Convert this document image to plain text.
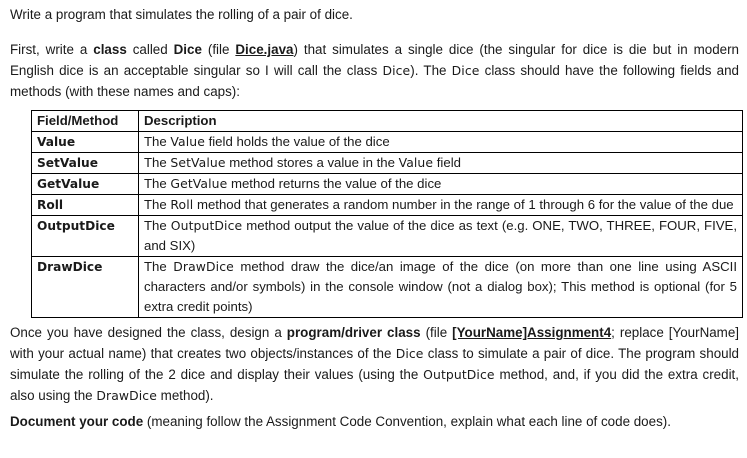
Write a program that simulates the rolling of a pair of dice.

First, write a class called Dice (file Dice.java) that simulates a single dice (the singular for dice is die but in modern English dice is an acceptable singular so I will call the class Dice). The Dice class should have the following fields and methods (with these names and caps):

Field/Method	Description
Value	The Value field holds the value of the dice
SetValue	The SetValue method stores a value in the Value field
GetValue	The GetValue method returns the value of the dice
Roll	The Roll method that generates a random number in the range of 1 through 6 for the value of the due
OutputDice	The OutputDice method output the value of the dice as text (e.g. ONE, TWO, THREE, FOUR, FIVE, and SIX)
DrawDice	The DrawDice method draw the dice/an image of the dice (on more than one line using ASCII characters and/or symbols) in the console window (not a dialog box); This method is optional (for 5 extra credit points)

Once you have designed the class, design a program/driver class (file [YourName]Assignment4; replace [YourName] with your actual name) that creates two objects/instances of the Dice class to simulate a pair of dice. The program should simulate the rolling of the 2 dice and display their values (using the OutputDice method, and, if you did the extra credit, also using the DrawDice method).

Document your code (meaning follow the Assignment Code Convention, explain what each line of code does).
